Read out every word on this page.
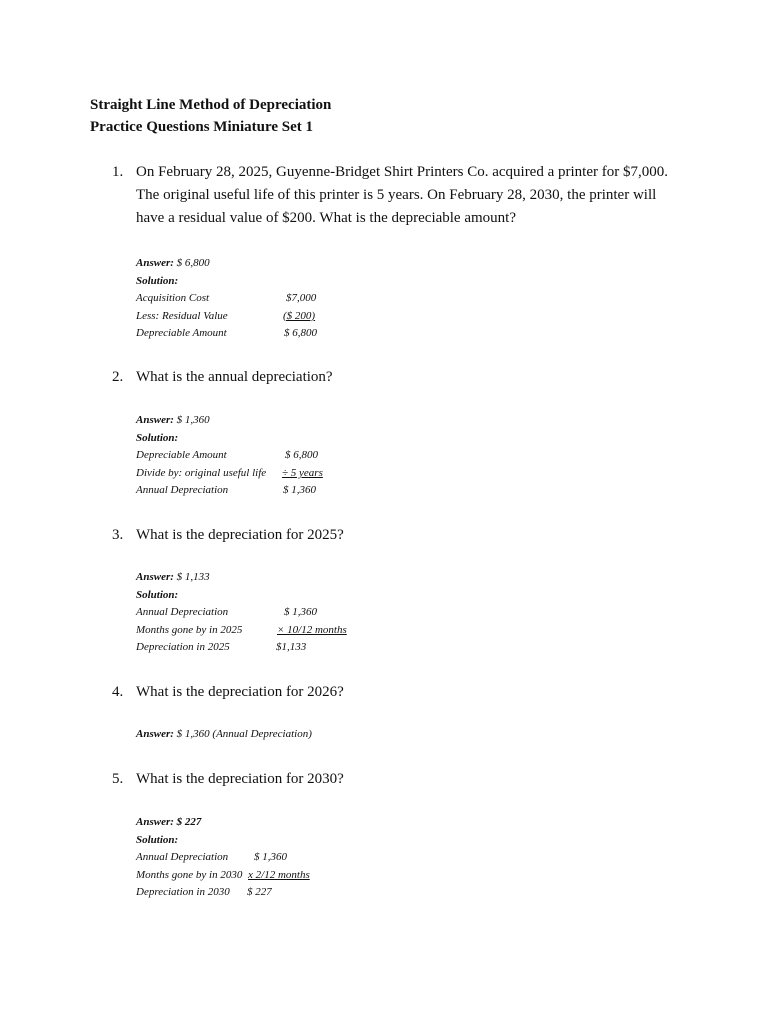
Straight Line Method of Depreciation
Practice Questions Miniature Set 1
1. On February 28, 2025, Guyenne-Bridget Shirt Printers Co. acquired a printer for $7,000. The original useful life of this printer is 5 years. On February 28, 2030, the printer will have a residual value of $200. What is the depreciable amount?
Answer: $ 6,800
Solution:
Acquisition Cost	$7,000
Less: Residual Value	($ 200)
Depreciable Amount	$ 6,800
2. What is the annual depreciation?
Answer: $ 1,360
Solution:
Depreciable Amount	$ 6,800
Divide by: original useful life ÷ 5 years
Annual Depreciation	$ 1,360
3. What is the depreciation for 2025?
Answer: $ 1,133
Solution:
Annual Depreciation	$ 1,360
Months gone by in 2025	× 10/12 months
Depreciation in 2025	$1,133
4. What is the depreciation for 2026?
Answer: $ 1,360 (Annual Depreciation)
5. What is the depreciation for 2030?
Answer: $ 227
Solution:
Annual Depreciation $ 1,360
Months gone by in 2030 x 2/12 months
Depreciation in 2030 $ 227
